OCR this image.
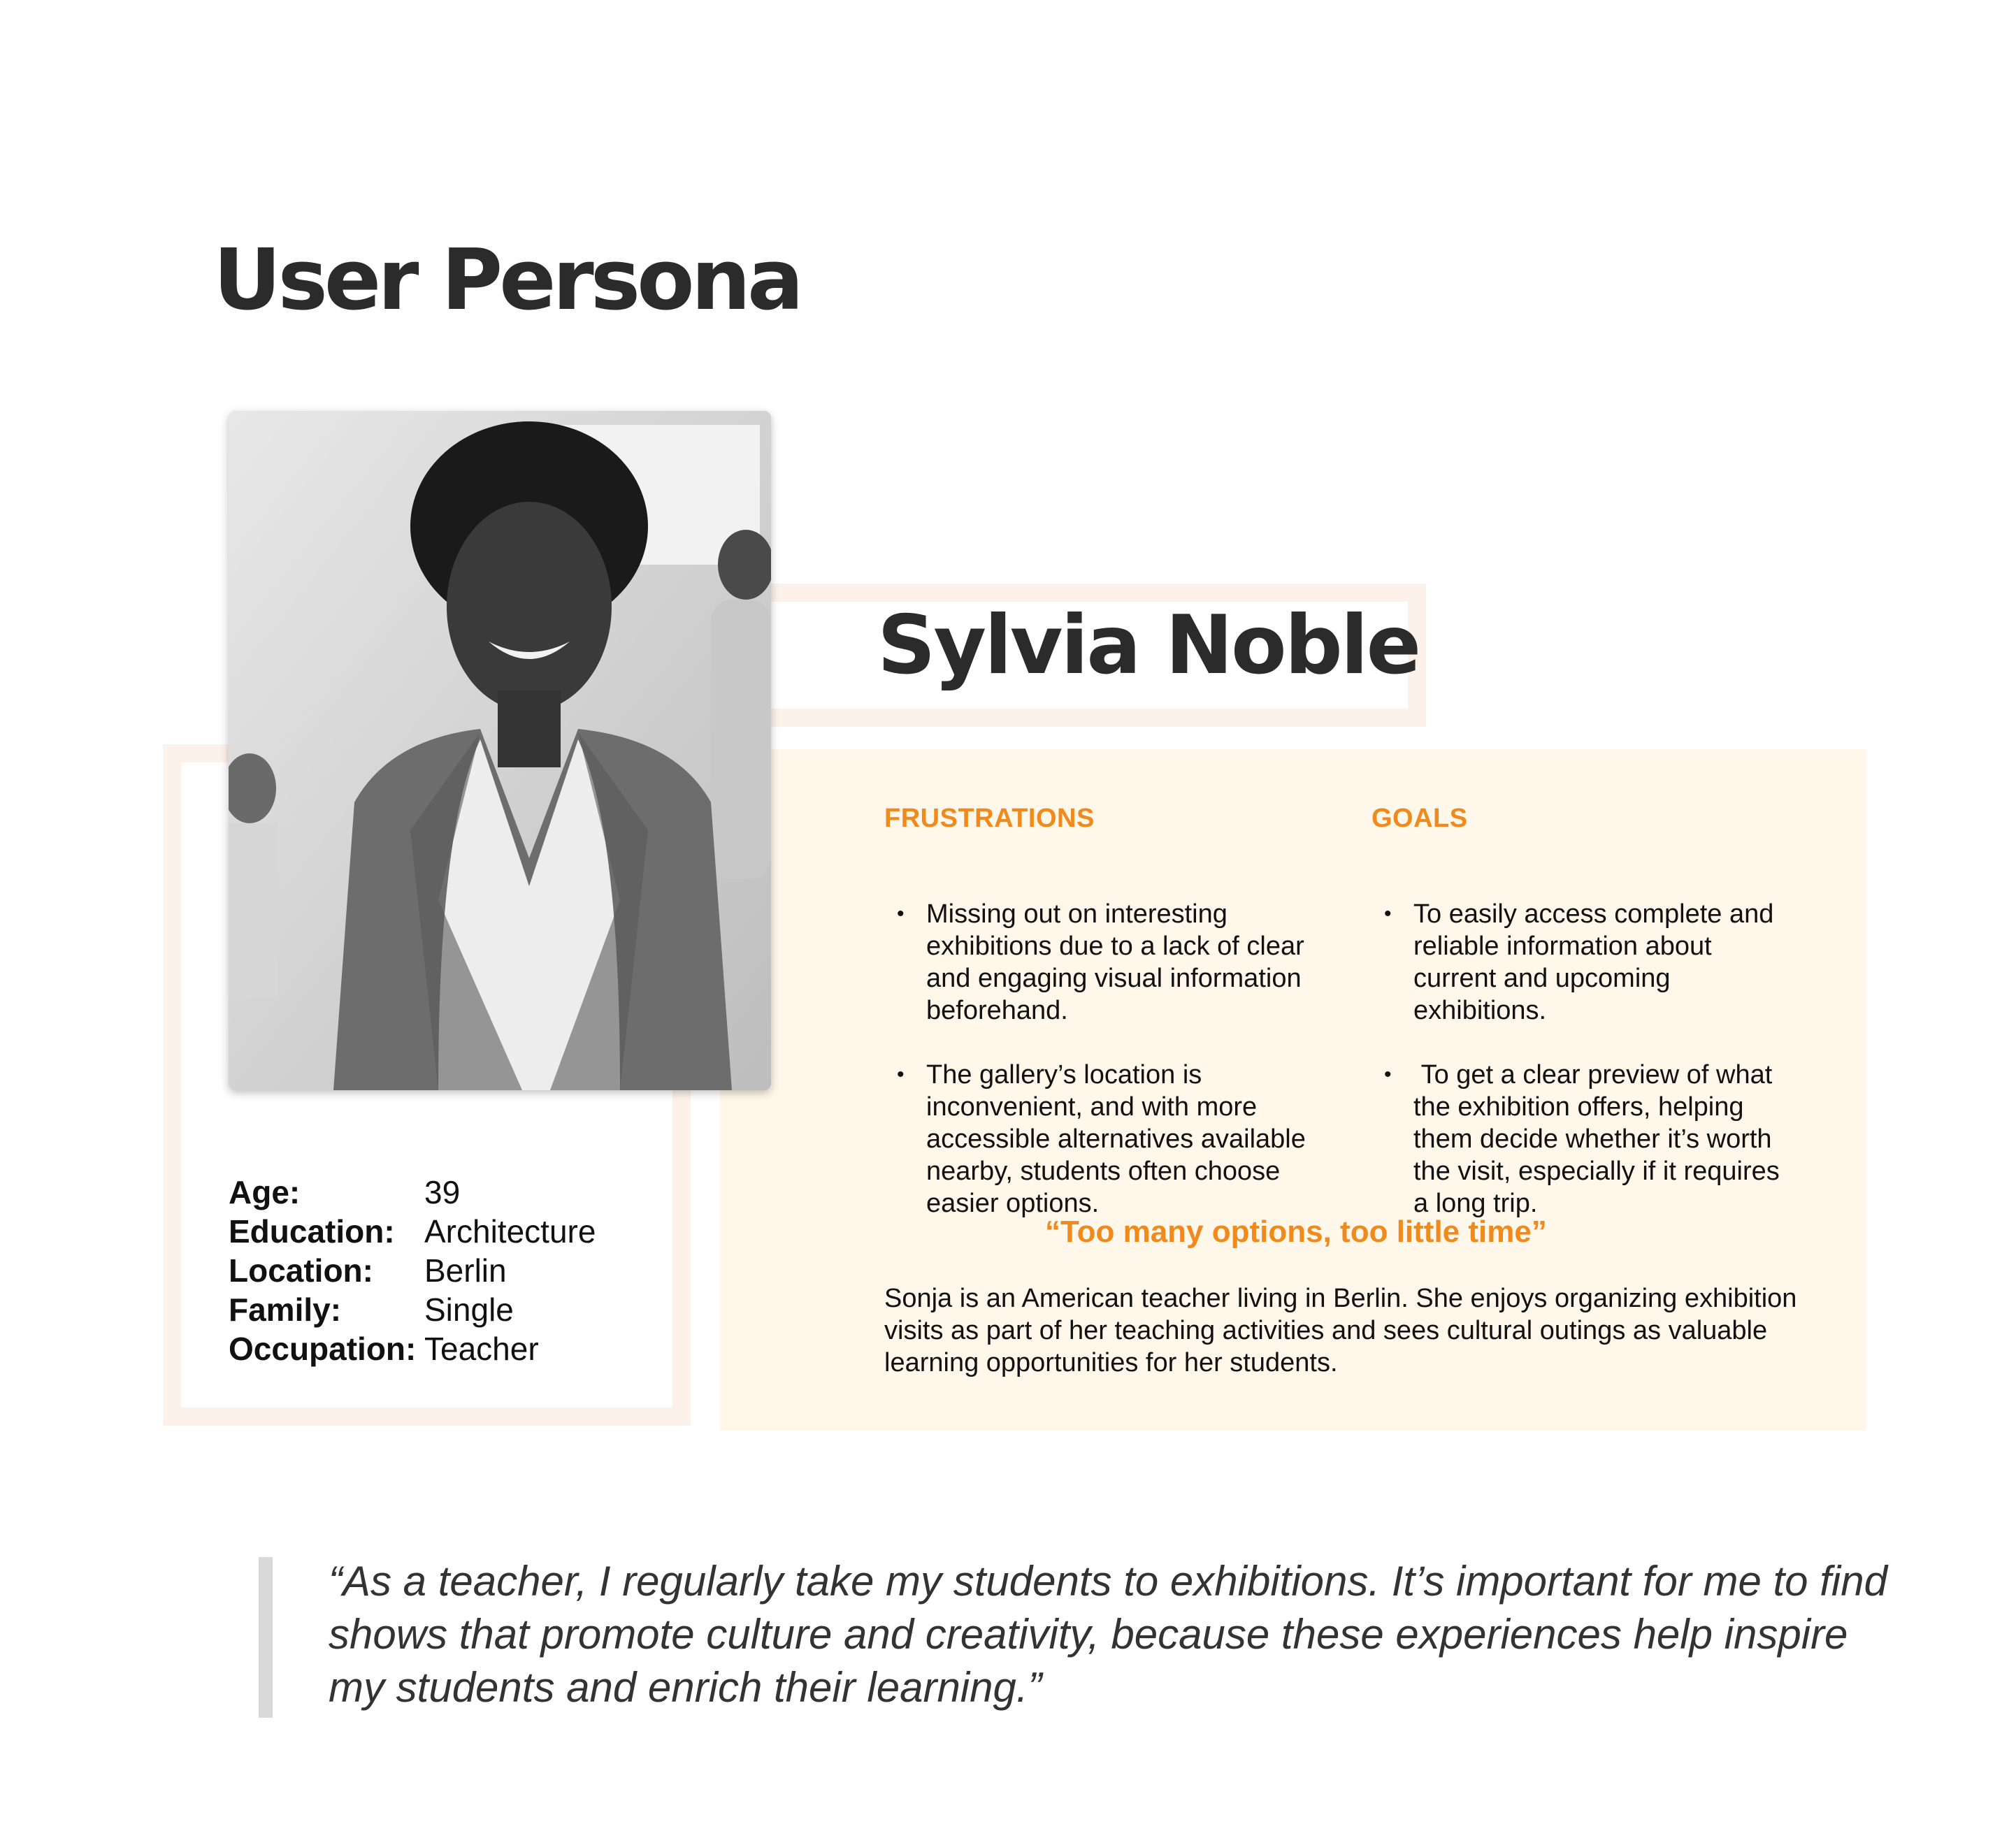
User Persona
Sylvia Noble
Age:	39
Education: Architecture
Location:	Berlin
Family:	Single
Occupation: Teacher
FRUSTRATIONS
• Missing out on interesting exhibitions due to a lack of clear and engaging visual information beforehand.
• The gallery’s location is inconvenient, and with more accessible alternatives available nearby, students often choose easier options.
GOALS
• To easily access complete and reliable information about current and upcoming exhibitions.
• To get a clear preview of what the exhibition offers, helping them decide whether it’s worth the visit, especially if it requires a long trip.

“Too many options, too little time”

Sonja is an American teacher living in Berlin. She enjoys organizing exhibition visits as part of her teaching activities and sees cultural outings as valuable learning opportunities for her students.

“As a teacher, I regularly take my students to exhibitions. It’s important for me to find shows that promote culture and creativity, because these experiences help inspire my students and enrich their learning.”
